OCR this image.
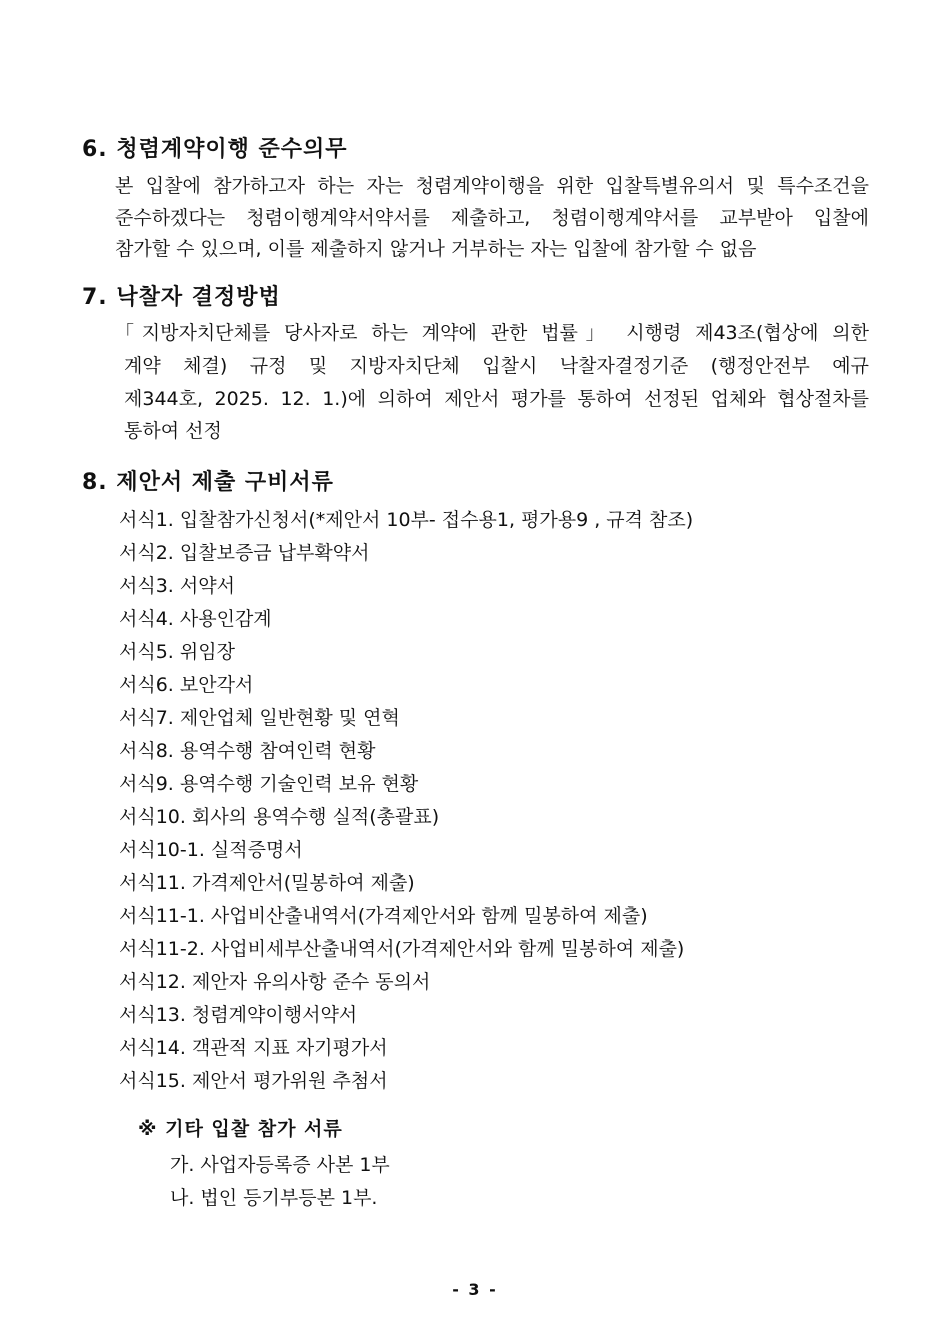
6. 청렴계약이행 준수의무
본 입찰에 참가하고자 하는 자는 청렴계약이행을 위한 입찰특별유의서 및 특수조건을
준수하겠다는 청렴이행계약서약서를 제출하고, 청렴이행계약서를 교부받아 입찰에
참가할 수 있으며, 이를 제출하지 않거나 거부하는 자는 입찰에 참가할 수 없음
7. 낙찰자 결정방법
「지방자치단체를 당사자로 하는 계약에 관한 법률」 시행령 제43조(협상에 의한
계약 체결) 규정 및 지방자치단체 입찰시 낙찰자결정기준 (행정안전부 예규
제344호, 2025. 12. 1.)에 의하여 제안서 평가를 통하여 선정된 업체와 협상절차를
통하여 선정
8. 제안서 제출 구비서류
서식1. 입찰참가신청서(*제안서 10부- 접수용1, 평가용9 , 규격 참조)
서식2. 입찰보증금 납부확약서
서식3. 서약서
서식4. 사용인감계
서식5. 위임장
서식6. 보안각서
서식7. 제안업체 일반현황 및 연혁
서식8. 용역수행 참여인력 현황
서식9. 용역수행 기술인력 보유 현황
서식10. 회사의 용역수행 실적(총괄표)
서식10-1. 실적증명서
서식11. 가격제안서(밀봉하여 제출)
서식11-1. 사업비산출내역서(가격제안서와 함께 밀봉하여 제출)
서식11-2. 사업비세부산출내역서(가격제안서와 함께 밀봉하여 제출)
서식12. 제안자 유의사항 준수 동의서
서식13. 청렴계약이행서약서
서식14. 객관적 지표 자기평가서
서식15. 제안서 평가위원 추첨서
※ 기타 입찰 참가 서류
가. 사업자등록증 사본 1부
나. 법인 등기부등본 1부.
- 3 -
